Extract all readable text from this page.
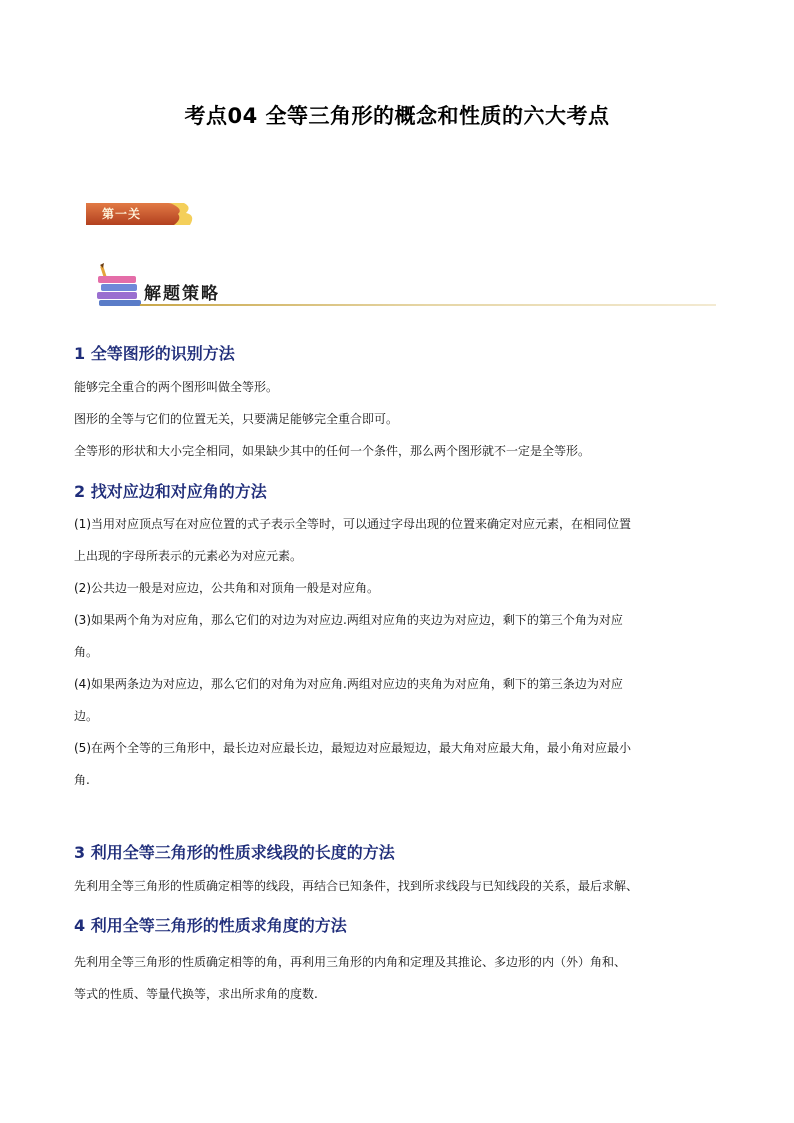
考点04 全等三角形的概念和性质的六大考点
第一关
解题策略
1 全等图形的识别方法
能够完全重合的两个图形叫做全等形。
图形的全等与它们的位置无关，只要满足能够完全重合即可。
全等形的形状和大小完全相同，如果缺少其中的任何一个条件，那么两个图形就不一定是全等形。
2 找对应边和对应角的方法
(1)当用对应顶点写在对应位置的式子表示全等时，可以通过字母出现的位置来确定对应元素，在相同位置
上出现的字母所表示的元素必为对应元素。
(2)公共边一般是对应边，公共角和对顶角一般是对应角。
(3)如果两个角为对应角，那么它们的对边为对应边.两组对应角的夹边为对应边，剩下的第三个角为对应
角。
(4)如果两条边为对应边，那么它们的对角为对应角.两组对应边的夹角为对应角，剩下的第三条边为对应
边。
(5)在两个全等的三角形中，最长边对应最长边，最短边对应最短边，最大角对应最大角，最小角对应最小
角.
3 利用全等三角形的性质求线段的长度的方法
先利用全等三角形的性质确定相等的线段，再结合已知条件，找到所求线段与已知线段的关系，最后求解、
4 利用全等三角形的性质求角度的方法
先利用全等三角形的性质确定相等的角，再利用三角形的内角和定理及其推论、多边形的内（外）角和、
等式的性质、等量代换等，求出所求角的度数.
